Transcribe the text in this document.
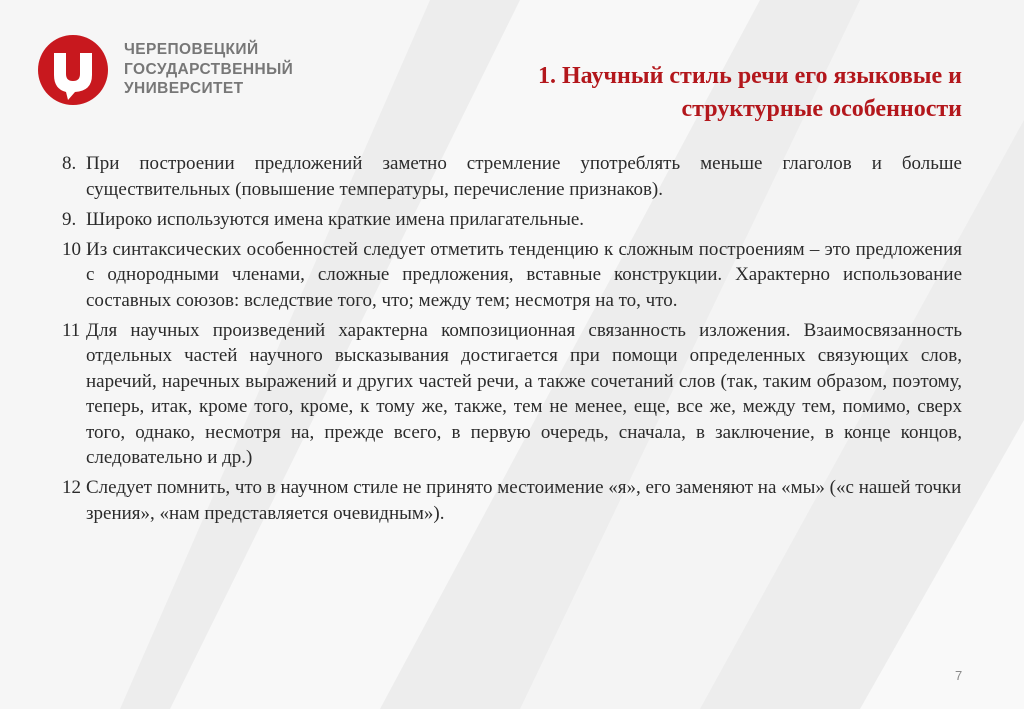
ЧЕРЕПОВЕЦКИЙ
ГОСУДАРСТВЕННЫЙ
УНИВЕРСИТЕТ	1. Научный стиль речи его языковые и
структурные особенности
8. При построении предложений заметно стремление употреблять меньше глаголов и больше существительных (повышение температуры, перечисление признаков).
9. Широко используются имена краткие имена прилагательные.
10 Из синтаксических особенностей следует отметить тенденцию к сложным построениям – это предложения с однородными членами, сложные предложения, вставные конструкции. Характерно использование составных союзов: вследствие того, что; между тем; несмотря на то, что.
11 Для научных произведений характерна композиционная связанность изложения. Взаимосвязанность отдельных частей научного высказывания достигается при помощи определенных связующих слов, наречий, наречных выражений и других частей речи, а также сочетаний слов (так, таким образом, поэтому, теперь, итак, кроме того, кроме, к тому же, также, тем не менее, еще, все же, между тем, помимо, сверх того, однако, несмотря на, прежде всего, в первую очередь, сначала, в заключение, в конце концов, следовательно и др.)
12 Следует помнить, что в научном стиле не принято местоимение «я», его заменяют на «мы» («с нашей точки зрения», «нам представляется очевидным»).
7
